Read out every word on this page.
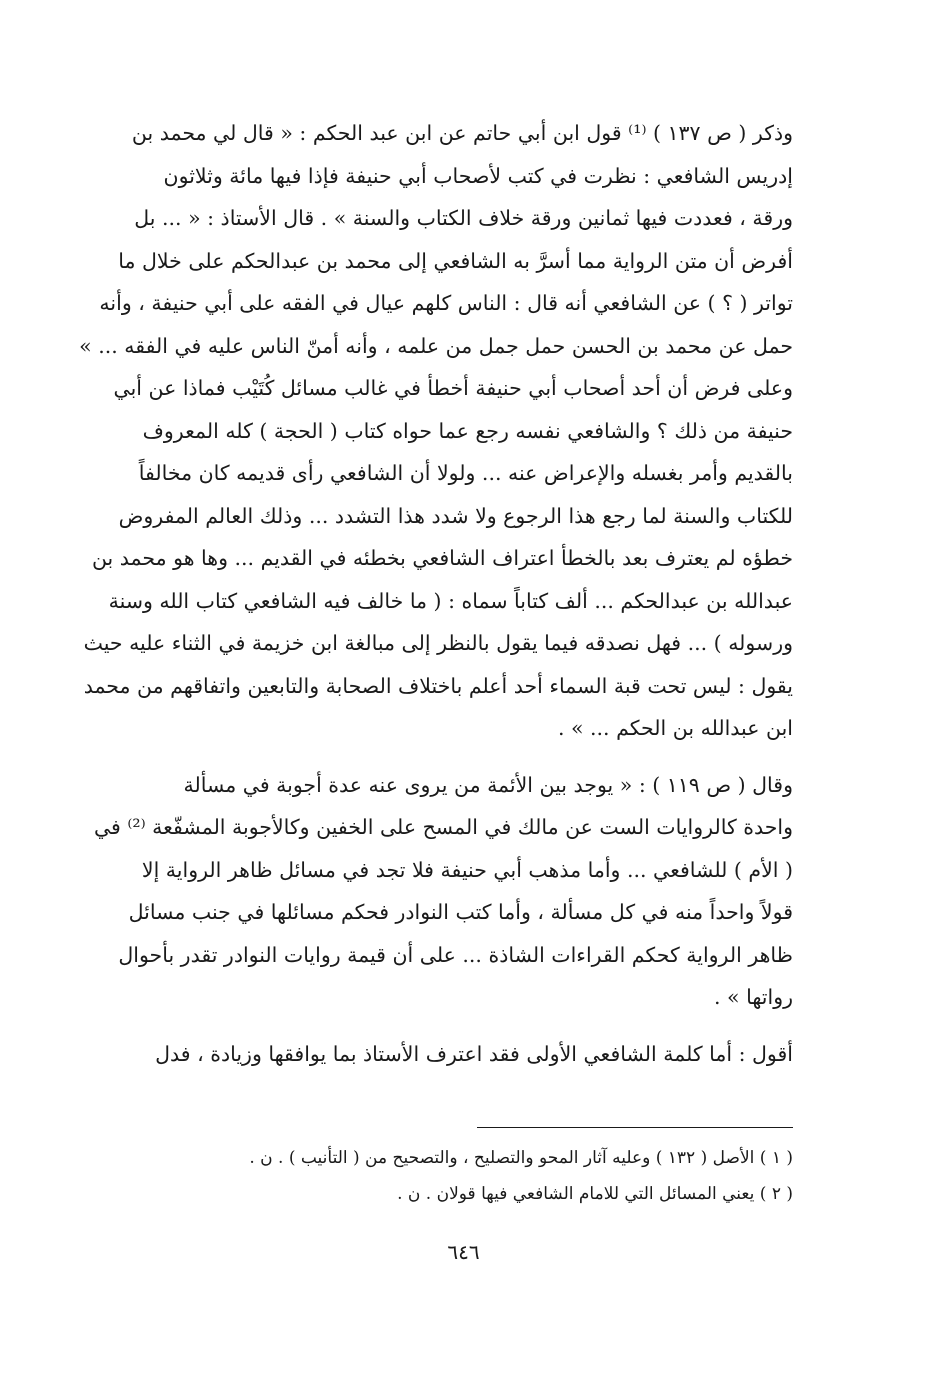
وذكر ( ص ١٣٧ ) ⁽¹⁾ قول ابن أبي حاتم عن ابن عبد الحكم : « قال لي محمد بن
إدريس الشافعي : نظرت في كتب لأصحاب أبي حنيفة فإذا فيها مائة وثلاثون
ورقة ، فعددت فيها ثمانين ورقة خلاف الكتاب والسنة » . قال الأستاذ : « ... بل
أفرض أن متن الرواية مما أسرَّ به الشافعي إلى محمد بن عبدالحكم على خلال ما
تواتر ( ؟ ) عن الشافعي أنه قال : الناس كلهم عيال في الفقه على أبي حنيفة ، وأنه
حمل عن محمد بن الحسن حمل جمل من علمه ، وأنه أمنّ الناس عليه في الفقه ... »
وعلى فرض أن أحد أصحاب أبي حنيفة أخطأ في غالب مسائل كُتَيْب فماذا عن أبي
حنيفة من ذلك ؟ والشافعي نفسه رجع عما حواه كتاب ( الحجة ) كله المعروف
بالقديم وأمر بغسله والإعراض عنه ... ولولا أن الشافعي رأى قديمه كان مخالفاً
للكتاب والسنة لما رجع هذا الرجوع ولا شدد هذا التشدد ... وذلك العالم المفروض
خطؤه لم يعترف بعد بالخطأ اعتراف الشافعي بخطئه في القديم ... وها هو محمد بن
عبدالله بن عبدالحكم ... ألف كتاباً سماه : ( ما خالف فيه الشافعي كتاب الله وسنة
ورسوله ) ... فهل نصدقه فيما يقول بالنظر إلى مبالغة ابن خزيمة في الثناء عليه حيث
يقول : ليس تحت قبة السماء أحد أعلم باختلاف الصحابة والتابعين واتفاقهم من محمد
ابن عبدالله بن الحكم ... » .
وقال ( ص ١١٩ ) : « يوجد بين الأئمة من يروى عنه عدة أجوبة في مسألة
واحدة كالروايات الست عن مالك في المسح على الخفين وكالأجوبة المشفّعة ⁽²⁾ في
( الأم ) للشافعي ... وأما مذهب أبي حنيفة فلا تجد في مسائل ظاهر الرواية إلا
قولاً واحداً منه في كل مسألة ، وأما كتب النوادر فحكم مسائلها في جنب مسائل
ظاهر الرواية كحكم القراءات الشاذة ... على أن قيمة روايات النوادر تقدر بأحوال
رواتها » .
أقول : أما كلمة الشافعي الأولى فقد اعترف الأستاذ بما يوافقها وزيادة ، فدل
( ١ ) الأصل ( ١٣٢ ) وعليه آثار المحو والتصليح ، والتصحيح من ( التأنيب ) . ن .
( ٢ ) يعني المسائل التي للامام الشافعي فيها قولان . ن .
٦٤٦
